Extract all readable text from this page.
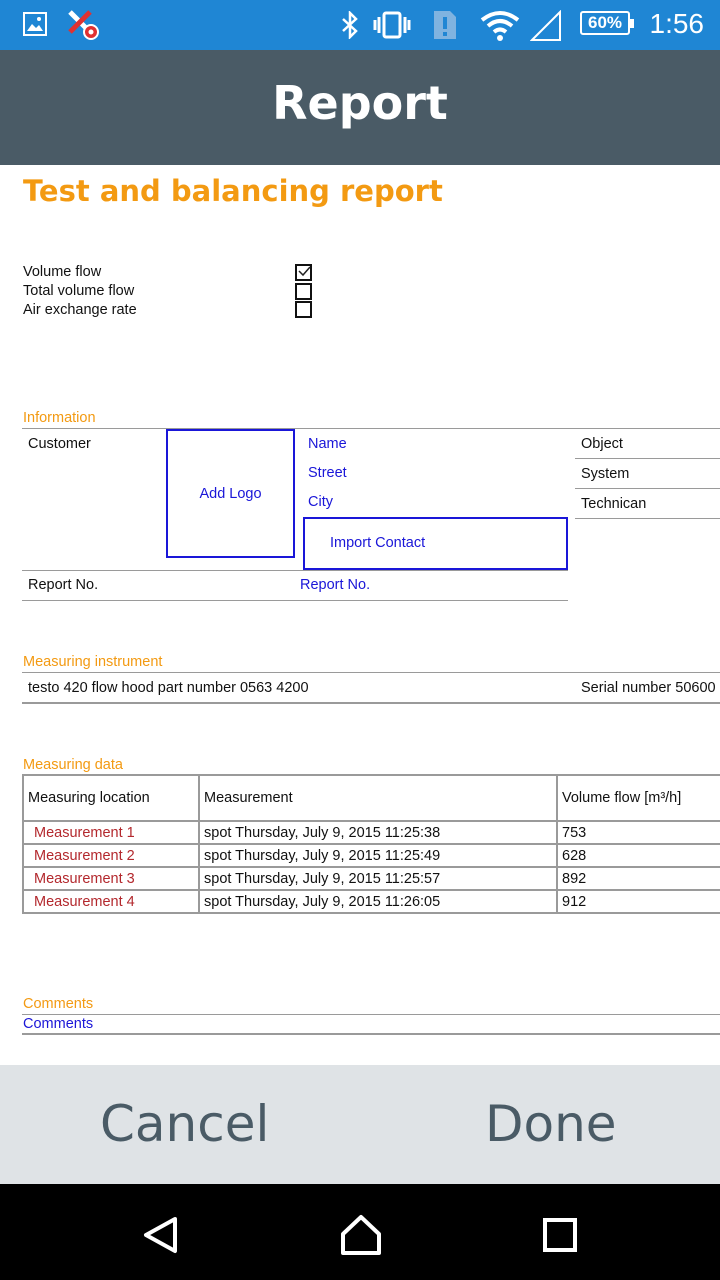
60% 1:56
Report
Test and balancing report
Volume flow
Total volume flow
Air exchange rate
Information
Customer
Add Logo
Name
Street
City
Import Contact
Object
System
Technican
Report No.	Report No.
Measuring instrument
testo 420 flow hood part number 0563 4200	Serial number 50600
Measuring data
Measuring location	Measurement	Volume flow [m³/h]
Measurement 1	spot Thursday, July 9, 2015 11:25:38	753
Measurement 2	spot Thursday, July 9, 2015 11:25:49	628
Measurement 3	spot Thursday, July 9, 2015 11:25:57	892
Measurement 4	spot Thursday, July 9, 2015 11:26:05	912
Comments
Comments
Cancel	Done
